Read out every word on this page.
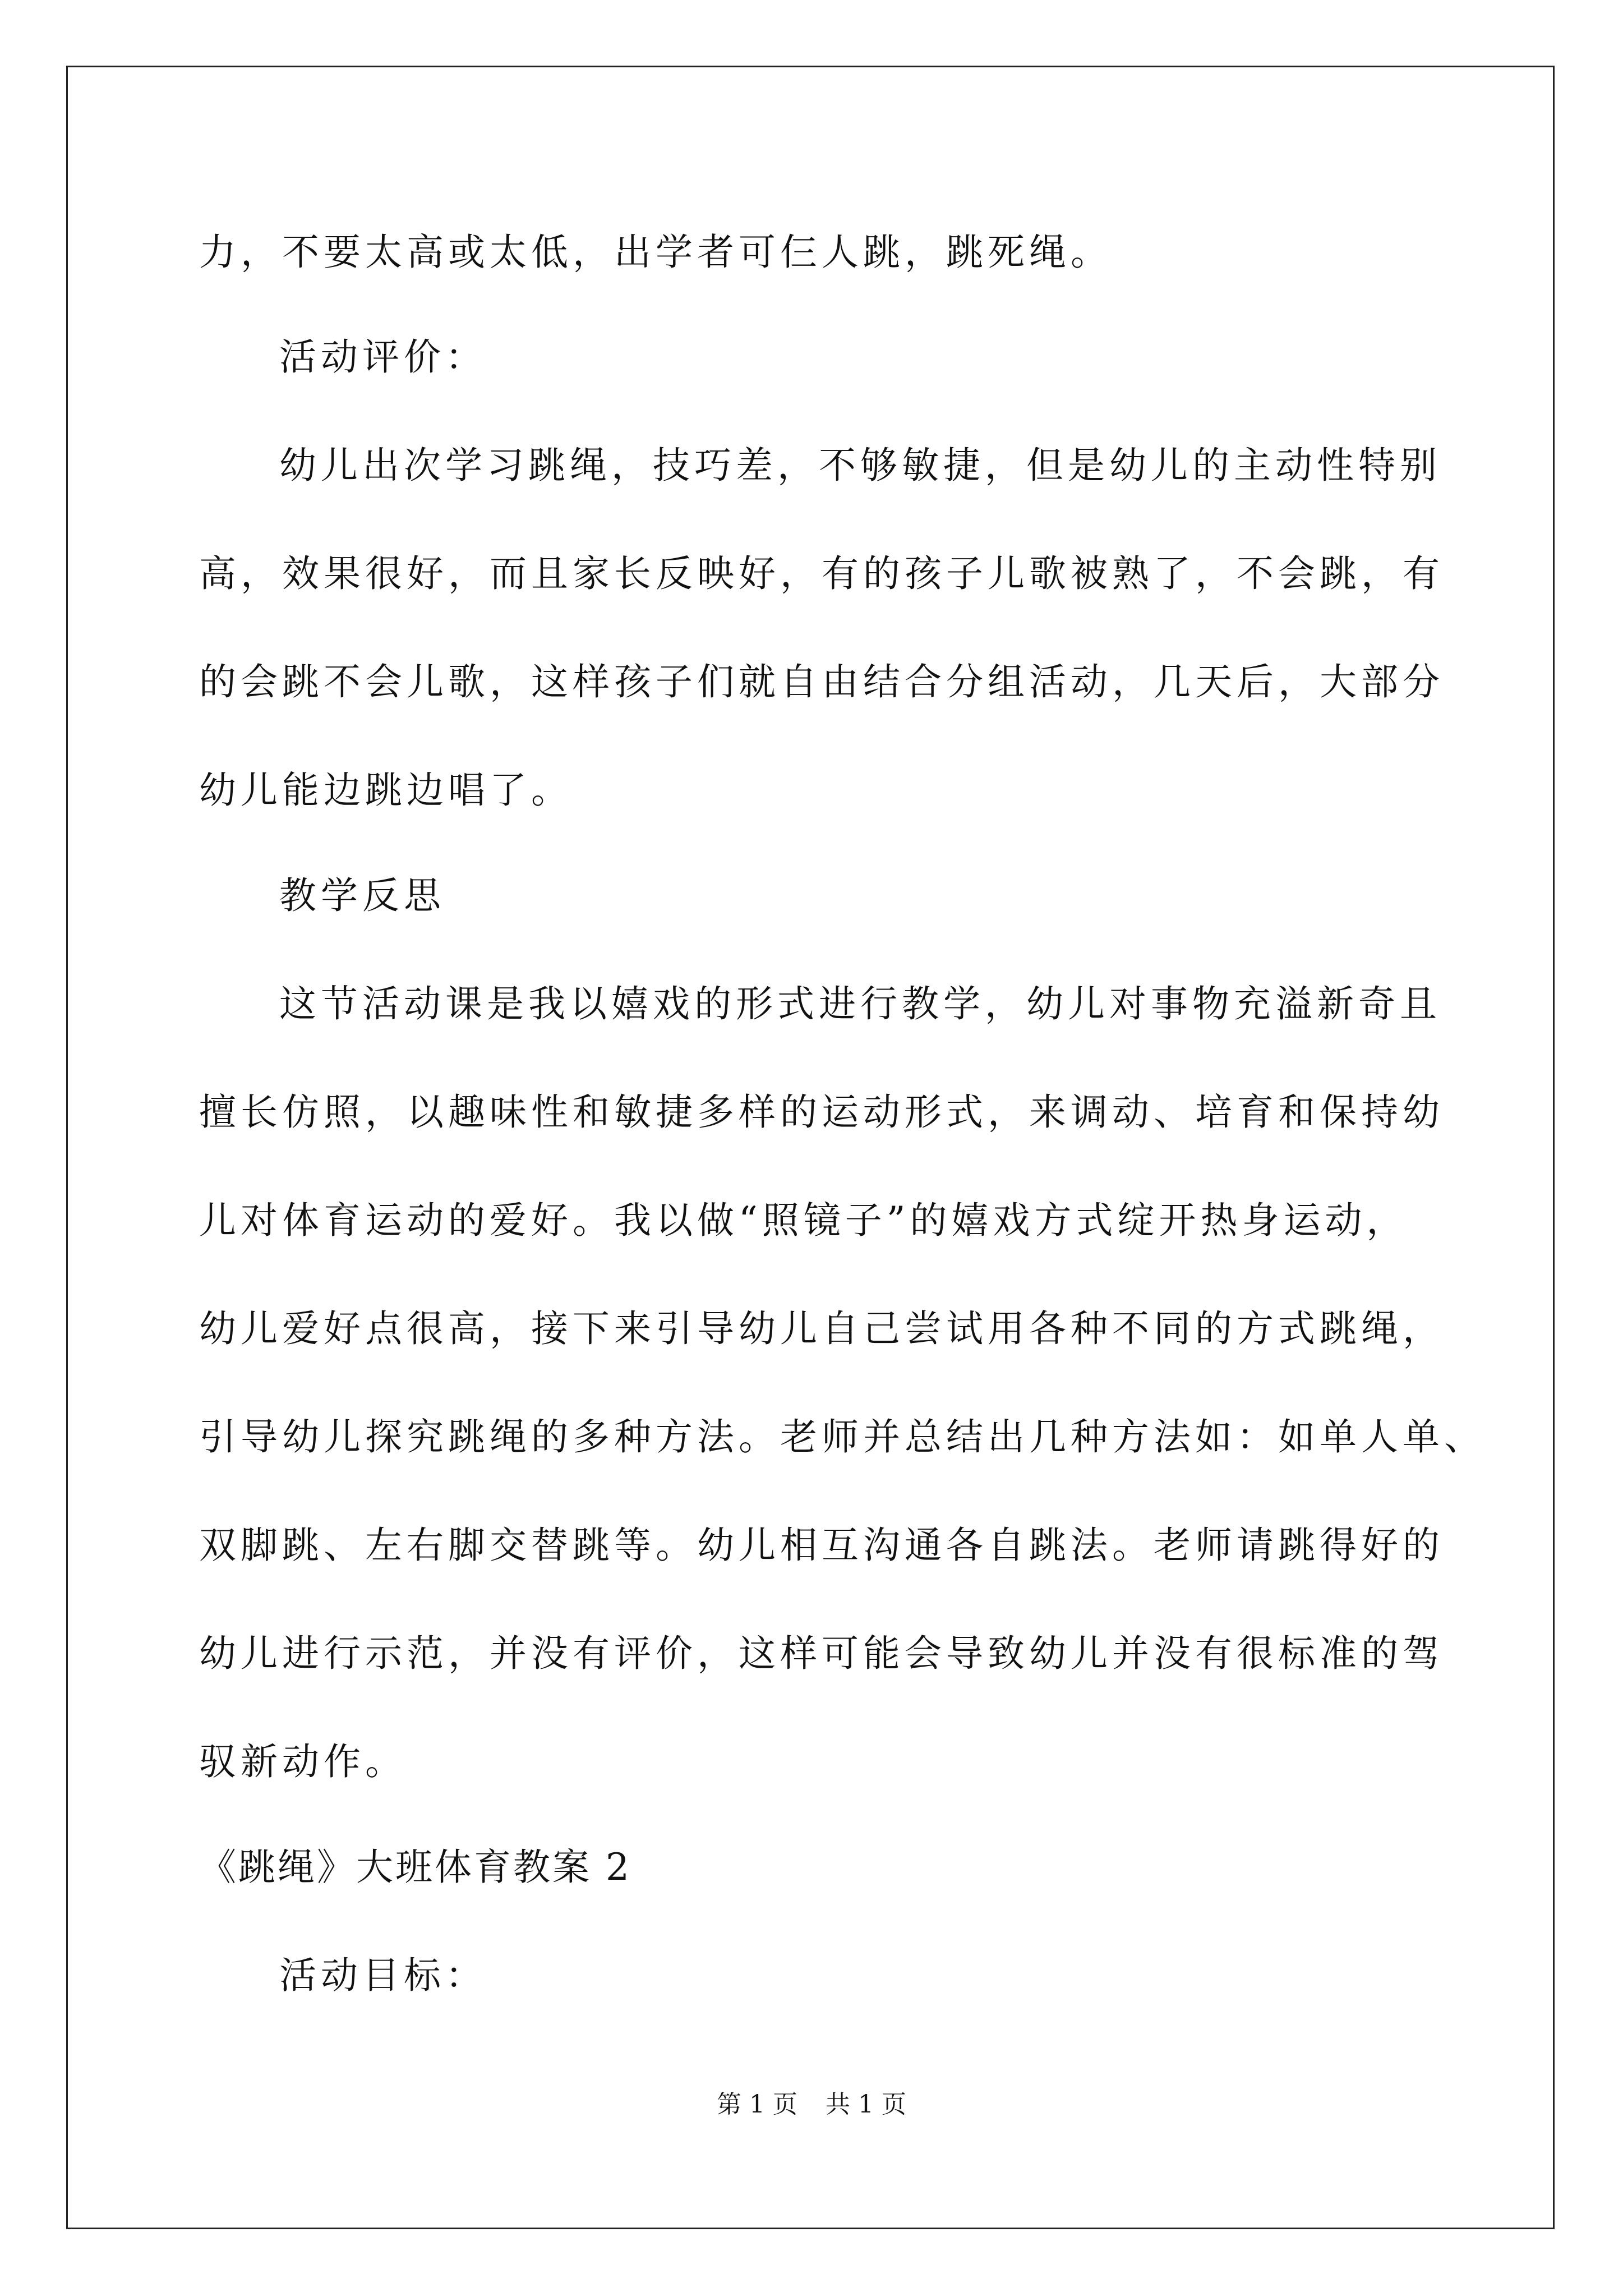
力，不要太高或太低，出学者可仨人跳，跳死绳。
活动评价：
幼儿出次学习跳绳，技巧差，不够敏捷，但是幼儿的主动性特别
高，效果很好，而且家长反映好，有的孩子儿歌被熟了，不会跳，有
的会跳不会儿歌，这样孩子们就自由结合分组活动，几天后，大部分
幼儿能边跳边唱了。
教学反思
这节活动课是我以嬉戏的形式进行教学，幼儿对事物充溢新奇且
擅长仿照，以趣味性和敏捷多样的运动形式，来调动、培育和保持幼
儿对体育运动的爱好。我以做“照镜子”的嬉戏方式绽开热身运动，
幼儿爱好点很高，接下来引导幼儿自己尝试用各种不同的方式跳绳，
引导幼儿探究跳绳的多种方法。老师并总结出几种方法如：如单人单、
双脚跳、左右脚交替跳等。幼儿相互沟通各自跳法。老师请跳得好的
幼儿进行示范，并没有评价，这样可能会导致幼儿并没有很标准的驾
驭新动作。
《跳绳》大班体育教案 2
活动目标：
第 1 页 共 1 页
